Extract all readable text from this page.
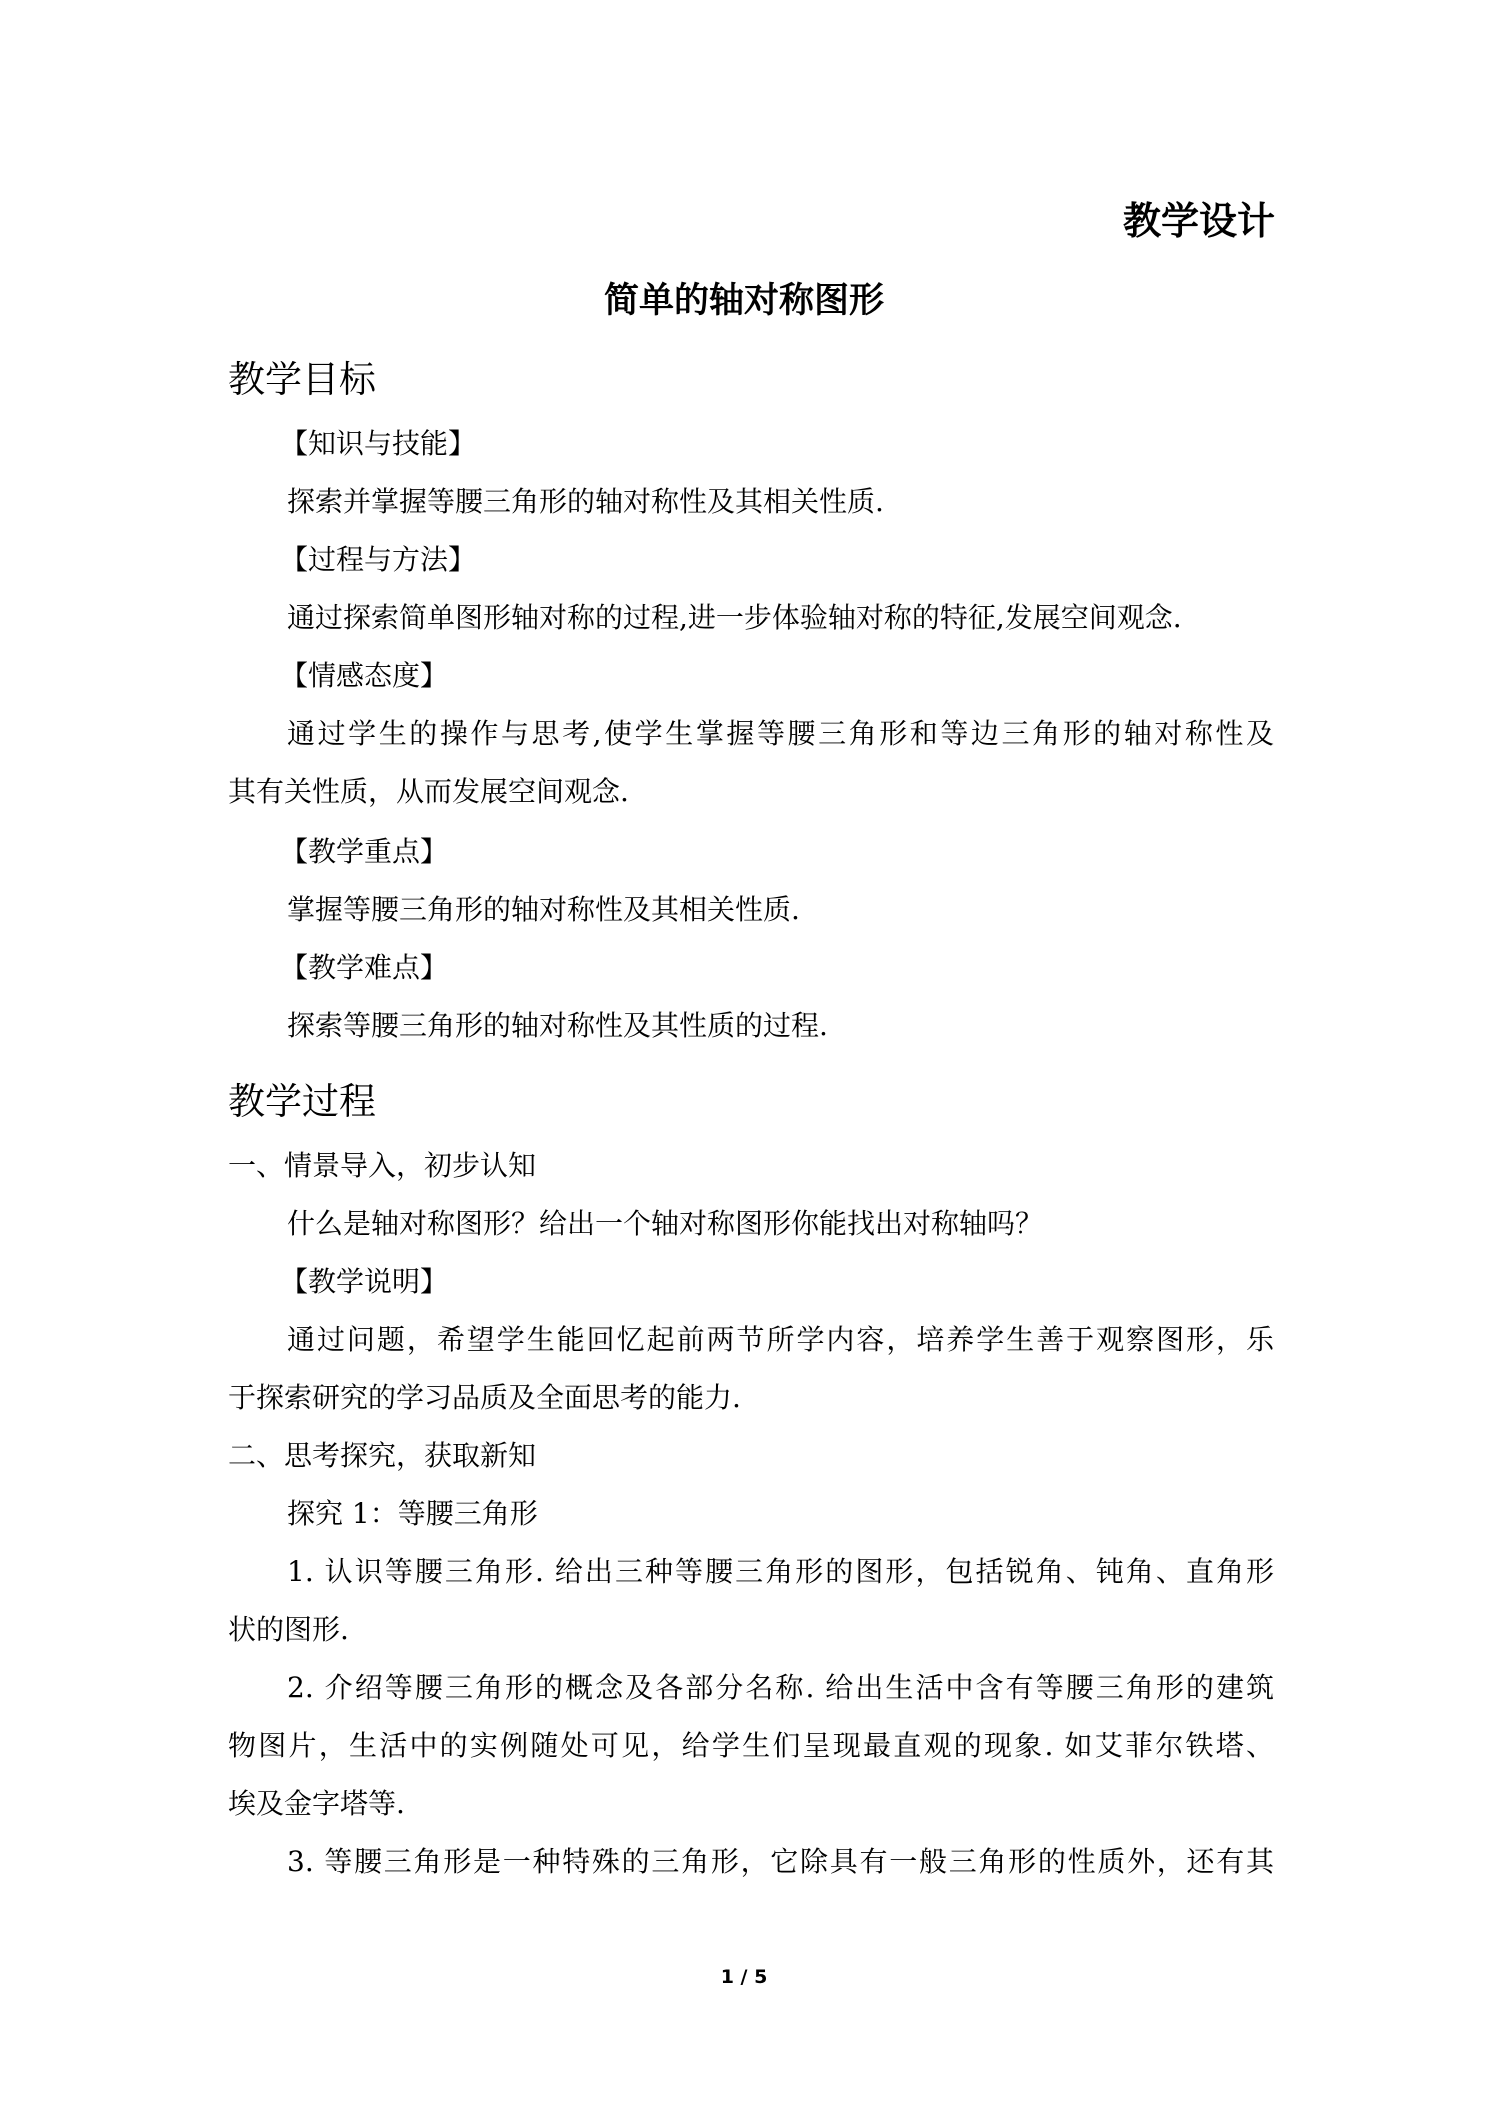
教学设计

简单的轴对称图形

教学目标

【知识与技能】

探索并掌握等腰三角形的轴对称性及其相关性质.

【过程与方法】

通过探索简单图形轴对称的过程,进一步体验轴对称的特征,发展空间观念.

【情感态度】

通过学生的操作与思考,使学生掌握等腰三角形和等边三角形的轴对称性及

其有关性质，从而发展空间观念.

【教学重点】

掌握等腰三角形的轴对称性及其相关性质.

【教学难点】

探索等腰三角形的轴对称性及其性质的过程.

教学过程

一、情景导入，初步认知

什么是轴对称图形？给出一个轴对称图形你能找出对称轴吗？

【教学说明】

通过问题，希望学生能回忆起前两节所学内容，培养学生善于观察图形，乐

于探索研究的学习品质及全面思考的能力.

二、思考探究，获取新知

探究 1：等腰三角形

1. 认识等腰三角形. 给出三种等腰三角形的图形，包括锐角、钝角、直角形

状的图形.

2. 介绍等腰三角形的概念及各部分名称. 给出生活中含有等腰三角形的建筑

物图片，生活中的实例随处可见，给学生们呈现最直观的现象. 如艾菲尔铁塔、

埃及金字塔等.

3. 等腰三角形是一种特殊的三角形，它除具有一般三角形的性质外，还有其

1 / 5
